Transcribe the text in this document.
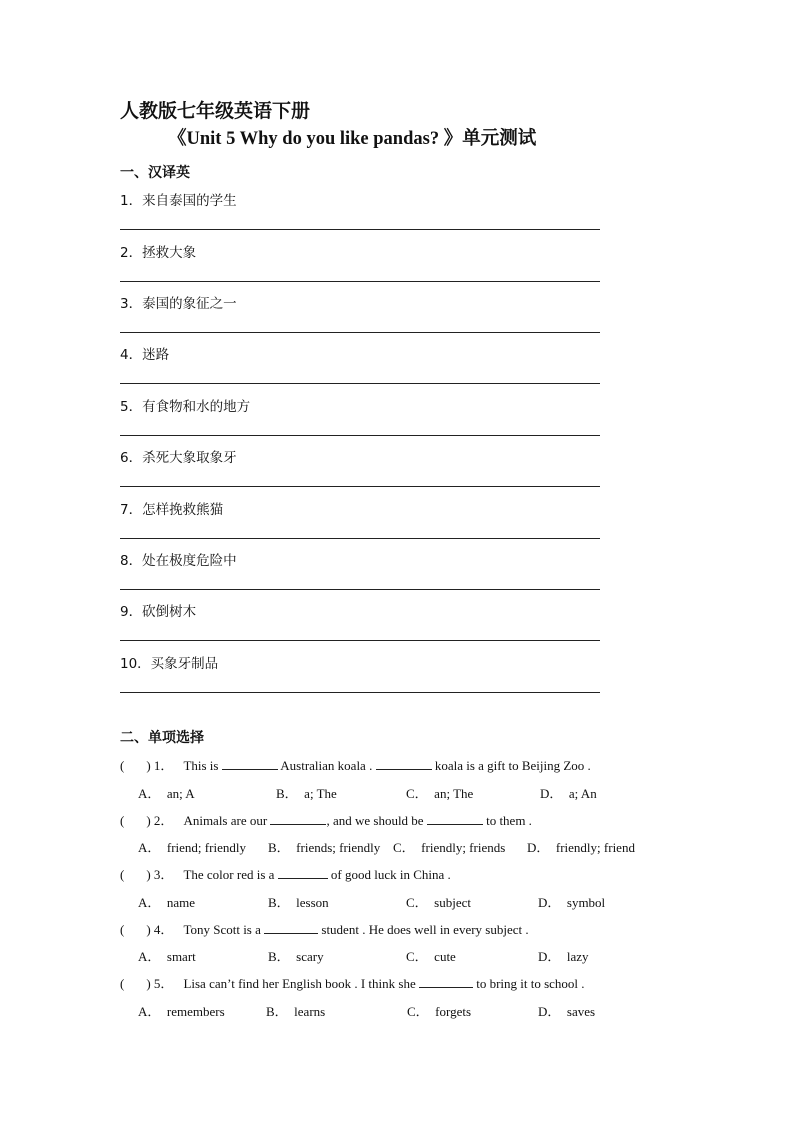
人教版七年级英语下册
《Unit 5 Why do you like pandas? 》单元测试
一、汉译英
1．来自泰国的学生
2．拯救大象
3．泰国的象征之一
4．迷路
5．有食物和水的地方
6．杀死大象取象牙
7．怎样挽救熊猫
8．处在极度危险中
9．砍倒树木
10．买象牙制品
二、单项选择
( ) 1． This is	Australian koala .	koala is a gift to Beijing Zoo .
A． an; A	B． a; The	C． an; The	D． a; An
( ) 2． Animals are our	, and we should be	to them .
A． friend; friendly B． friends; friendly C． friendly; friends D． friendly; friend
( ) 3． The color red is a	of good luck in China .
A． name	B． lesson	C． subject	D． symbol
( ) 4． Tony Scott is a	student . He does well in every subject .
A． smart	B． scary	C． cute	D． lazy
( ) 5． Lisa can’t find her English book . I think she	to bring it to school .
A． remembers	B． learns	C． forgets	D． saves
